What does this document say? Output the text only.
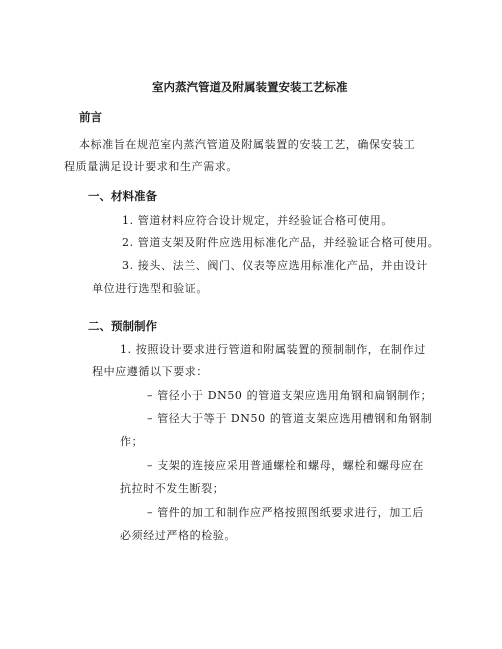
室内蒸汽管道及附属装置安装工艺标准
前言
本标准旨在规范室内蒸汽管道及附属装置的安装工艺，确保安装工
程质量满足设计要求和生产需求。
一、材料准备
1. 管道材料应符合设计规定，并经验证合格可使用。
2. 管道支架及附件应选用标准化产品，并经验证合格可使用。
3. 接头、法兰、阀门、仪表等应选用标准化产品，并由设计
单位进行选型和验证。
二、预制制作
1. 按照设计要求进行管道和附属装置的预制制作，在制作过
程中应遵循以下要求：
– 管径小于 DN50 的管道支架应选用角钢和扁钢制作；
– 管径大于等于 DN50 的管道支架应选用槽钢和角钢制
作；
– 支架的连接应采用普通螺栓和螺母，螺栓和螺母应在
抗拉时不发生断裂；
– 管件的加工和制作应严格按照图纸要求进行，加工后
必须经过严格的检验。
